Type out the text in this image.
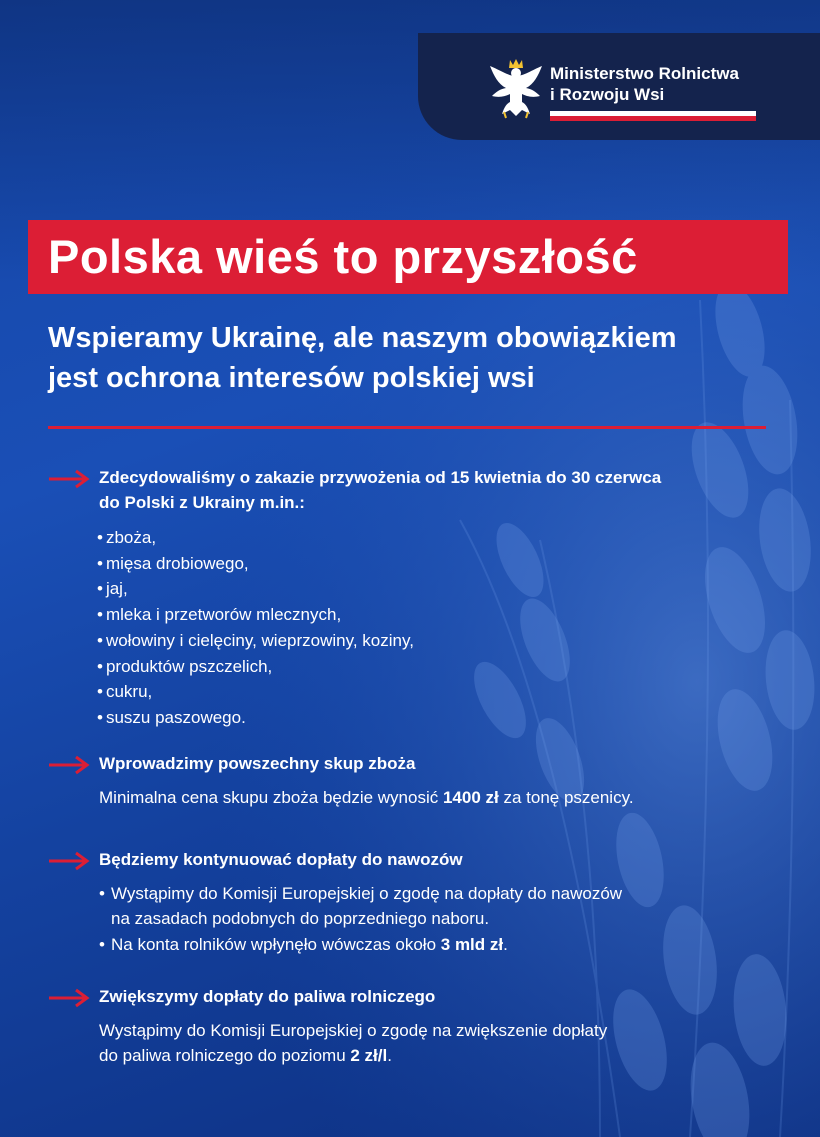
Ministerstwo Rolnictwa
i Rozwoju Wsi
Polska wieś to przyszłość
Wspieramy Ukrainę, ale naszym obowiązkiem
jest ochrona interesów polskiej wsi
Zdecydowaliśmy o zakazie przywożenia od 15 kwietnia do 30 czerwca
do Polski z Ukrainy m.in.:
• zboża,
• mięsa drobiowego,
• jaj,
• mleka i przetworów mlecznych,
• wołowiny i cielęciny, wieprzowiny, koziny,
• produktów pszczelich,
• cukru,
• suszu paszowego.
Wprowadzimy powszechny skup zboża
Minimalna cena skupu zboża będzie wynosić 1400 zł za tonę pszenicy.
Będziemy kontynuować dopłaty do nawozów
• Wystąpimy do Komisji Europejskiej o zgodę na dopłaty do nawozów
na zasadach podobnych do poprzedniego naboru.
• Na konta rolników wpłynęło wówczas około 3 mld zł.
Zwiększymy dopłaty do paliwa rolniczego
Wystąpimy do Komisji Europejskiej o zgodę na zwiększenie dopłaty
do paliwa rolniczego do poziomu 2 zł/l.
